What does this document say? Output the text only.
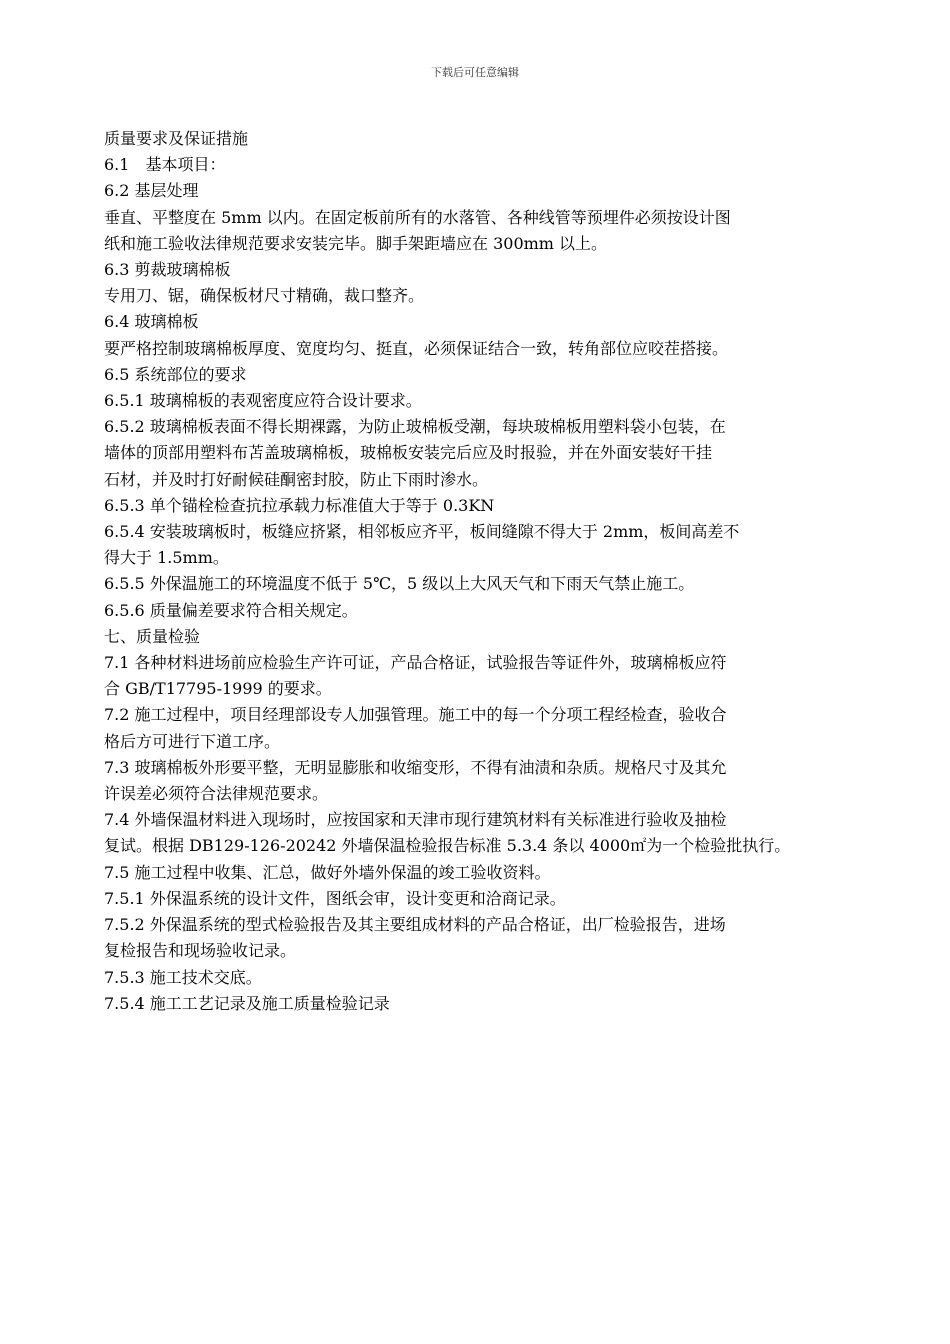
下载后可任意编辑
质量要求及保证措施
6.1　基本项目：
6.2 基层处理
垂直、平整度在 5mm 以内。在固定板前所有的水落管、各种线管等预埋件必须按设计图
纸和施工验收法律规范要求安装完毕。脚手架距墙应在 300mm 以上。
6.3 剪裁玻璃棉板
专用刀、锯，确保板材尺寸精确，裁口整齐。
6.4 玻璃棉板
要严格控制玻璃棉板厚度、宽度均匀、挺直，必须保证结合一致，转角部位应咬茬搭接。
6.5 系统部位的要求
6.5.1 玻璃棉板的表观密度应符合设计要求。
6.5.2 玻璃棉板表面不得长期裸露，为防止玻棉板受潮，每块玻棉板用塑料袋小包装，在
墙体的顶部用塑料布苫盖玻璃棉板，玻棉板安装完后应及时报验，并在外面安装好干挂
石材，并及时打好耐候硅酮密封胶，防止下雨时渗水。
6.5.3 单个锚栓检查抗拉承载力标准值大于等于 0.3KN
6.5.4 安装玻璃板时，板缝应挤紧，相邻板应齐平，板间缝隙不得大于 2mm，板间高差不
得大于 1.5mm。
6.5.5 外保温施工的环境温度不低于 5℃，5 级以上大风天气和下雨天气禁止施工。
6.5.6 质量偏差要求符合相关规定。
七、质量检验
7.1 各种材料进场前应检验生产许可证，产品合格证，试验报告等证件外，玻璃棉板应符
合 GB/T17795-1999 的要求。
7.2 施工过程中，项目经理部设专人加强管理。施工中的每一个分项工程经检查，验收合
格后方可进行下道工序。
7.3 玻璃棉板外形要平整，无明显膨胀和收缩变形，不得有油渍和杂质。规格尺寸及其允
许误差必须符合法律规范要求。
7.4 外墙保温材料进入现场时，应按国家和天津市现行建筑材料有关标准进行验收及抽检
复试。根据 DB129-126-20242 外墙保温检验报告标准 5.3.4 条以 4000㎡为一个检验批执行。
7.5 施工过程中收集、汇总，做好外墙外保温的竣工验收资料。
7.5.1 外保温系统的设计文件，图纸会审，设计变更和洽商记录。
7.5.2 外保温系统的型式检验报告及其主要组成材料的产品合格证，出厂检验报告，进场
复检报告和现场验收记录。
7.5.3 施工技术交底。
7.5.4 施工工艺记录及施工质量检验记录
